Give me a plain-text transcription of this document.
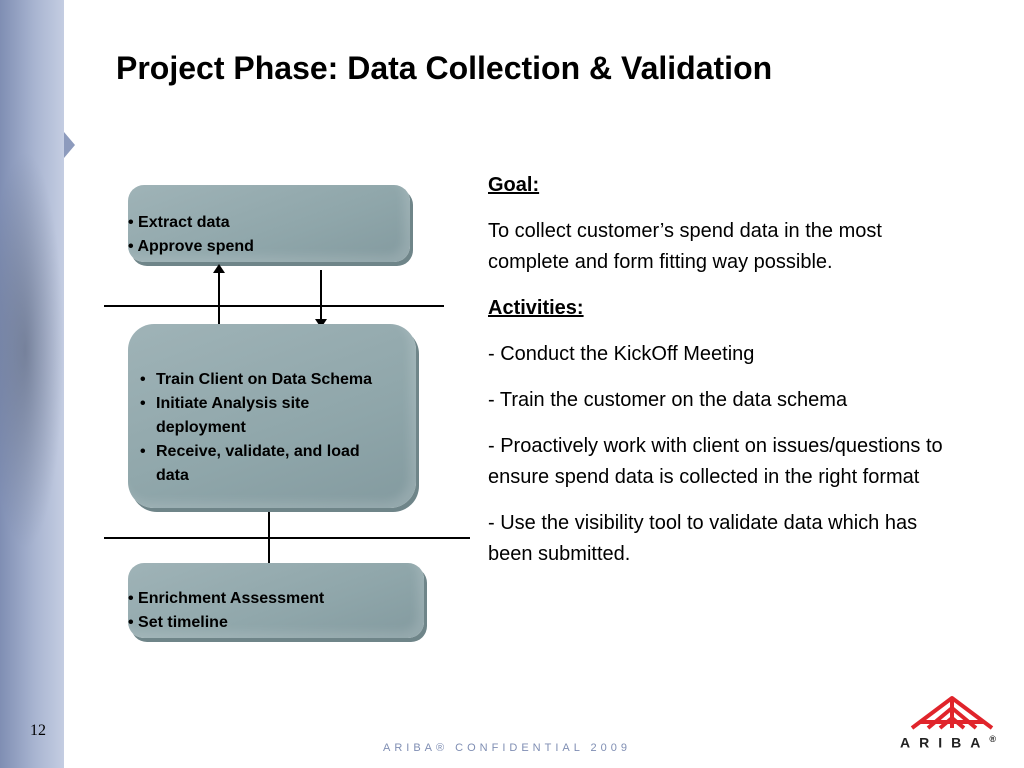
Project Phase: Data Collection & Validation
• Extract data
• Approve spend
• Train Client on Data Schema
• Initiate Analysis site deployment
• Receive, validate, and load data
• Enrichment Assessment
• Set timeline

Goal:

To collect customer’s spend data in the most complete and form fitting way possible.

Activities:

- Conduct the KickOff Meeting

- Train the customer on the data schema

- Proactively work with client on issues/questions to ensure spend data is collected in the right format

- Use the visibility tool to validate data which has been submitted.

12
ARIBA® CONFIDENTIAL 2009	ARIBA®
